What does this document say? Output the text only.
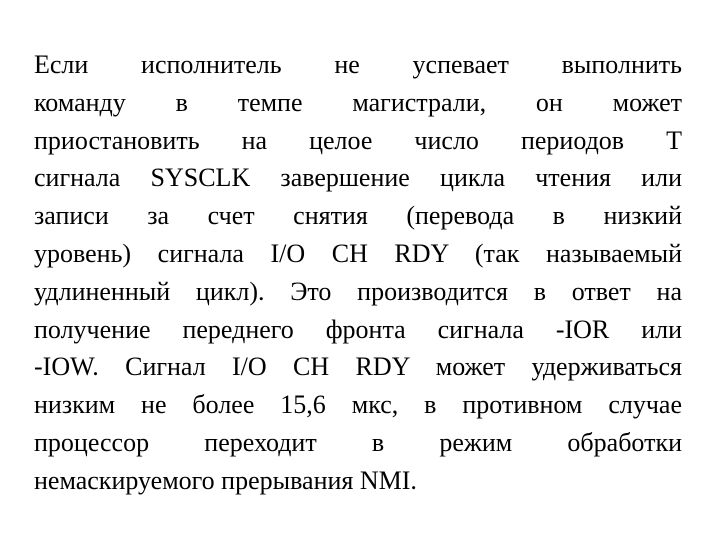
Если исполнитель не успевает выполнить
команду в темпе магистрали, он может
приостановить на целое число периодов T
сигнала SYSCLK завершение цикла чтения или
записи за счет снятия (перевода в низкий
уровень) сигнала I/O CH RDY (так называемый
удлиненный цикл). Это производится в ответ на
получение переднего фронта сигнала -IOR или
-IOW. Сигнал I/O CH RDY может удерживаться
низким не более 15,6 мкс, в противном случае
процессор переходит в режим обработки
немаскируемого прерывания NMI.
